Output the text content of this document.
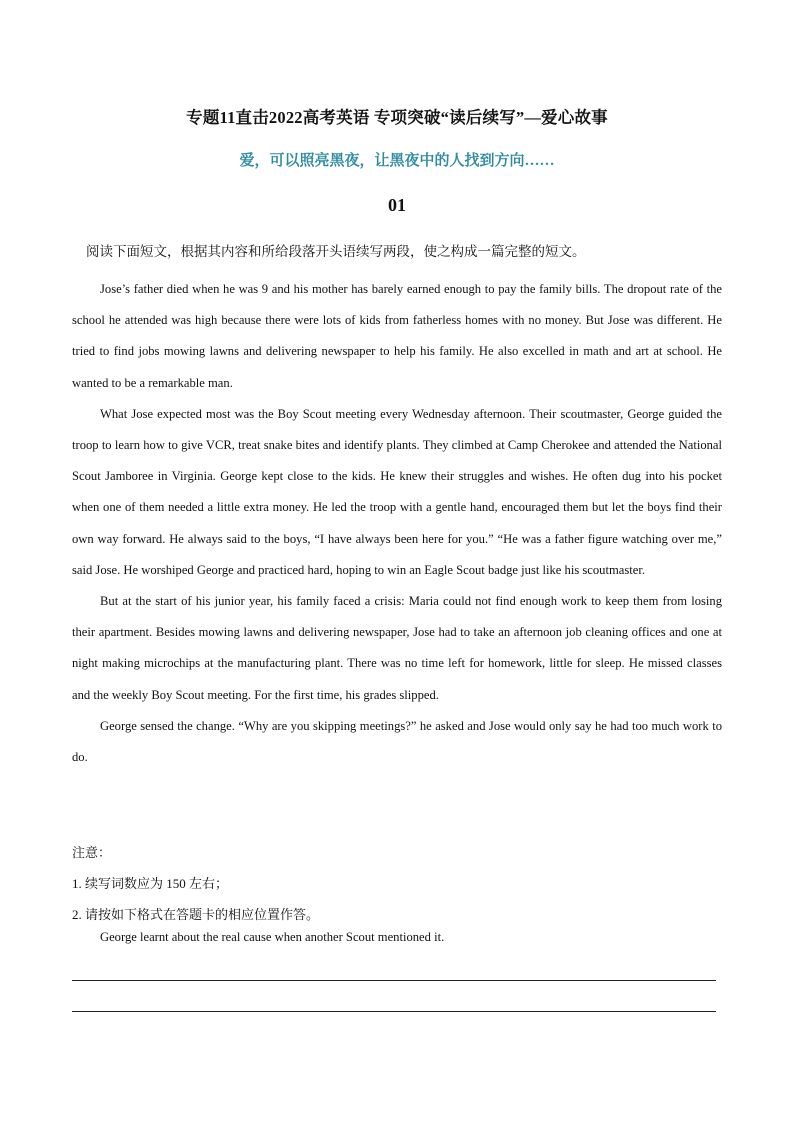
专题11直击2022高考英语 专项突破“读后续写”—爱心故事
爱，可以照亮黑夜，让黑夜中的人找到方向……
01
阅读下面短文，根据其内容和所给段落开头语续写两段，使之构成一篇完整的短文。

Jose’s father died when he was 9 and his mother has barely earned enough to pay the family bills. The dropout rate of the school he attended was high because there were lots of kids from fatherless homes with no money. But Jose was different. He tried to find jobs mowing lawns and delivering newspaper to help his family. He also excelled in math and art at school. He wanted to be a remarkable man.

What Jose expected most was the Boy Scout meeting every Wednesday afternoon. Their scoutmaster, George guided the troop to learn how to give VCR, treat snake bites and identify plants. They climbed at Camp Cherokee and attended the National Scout Jamboree in Virginia. George kept close to the kids. He knew their struggles and wishes. He often dug into his pocket when one of them needed a little extra money. He led the troop with a gentle hand, encouraged them but let the boys find their own way forward. He always said to the boys, “I have always been here for you.” “He was a father figure watching over me,” said Jose. He worshiped George and practiced hard, hoping to win an Eagle Scout badge just like his scoutmaster.

But at the start of his junior year, his family faced a crisis: Maria could not find enough work to keep them from losing their apartment. Besides mowing lawns and delivering newspaper, Jose had to take an afternoon job cleaning offices and one at night making microchips at the manufacturing plant. There was no time left for homework, little for sleep. He missed classes and the weekly Boy Scout meeting. For the first time, his grades slipped.

George sensed the change. “Why are you skipping meetings?” he asked and Jose would only say he had too much work to do.

注意：
1. 续写词数应为 150 左右；
2. 请按如下格式在答题卡的相应位置作答。
George learnt about the real cause when another Scout mentioned it.
